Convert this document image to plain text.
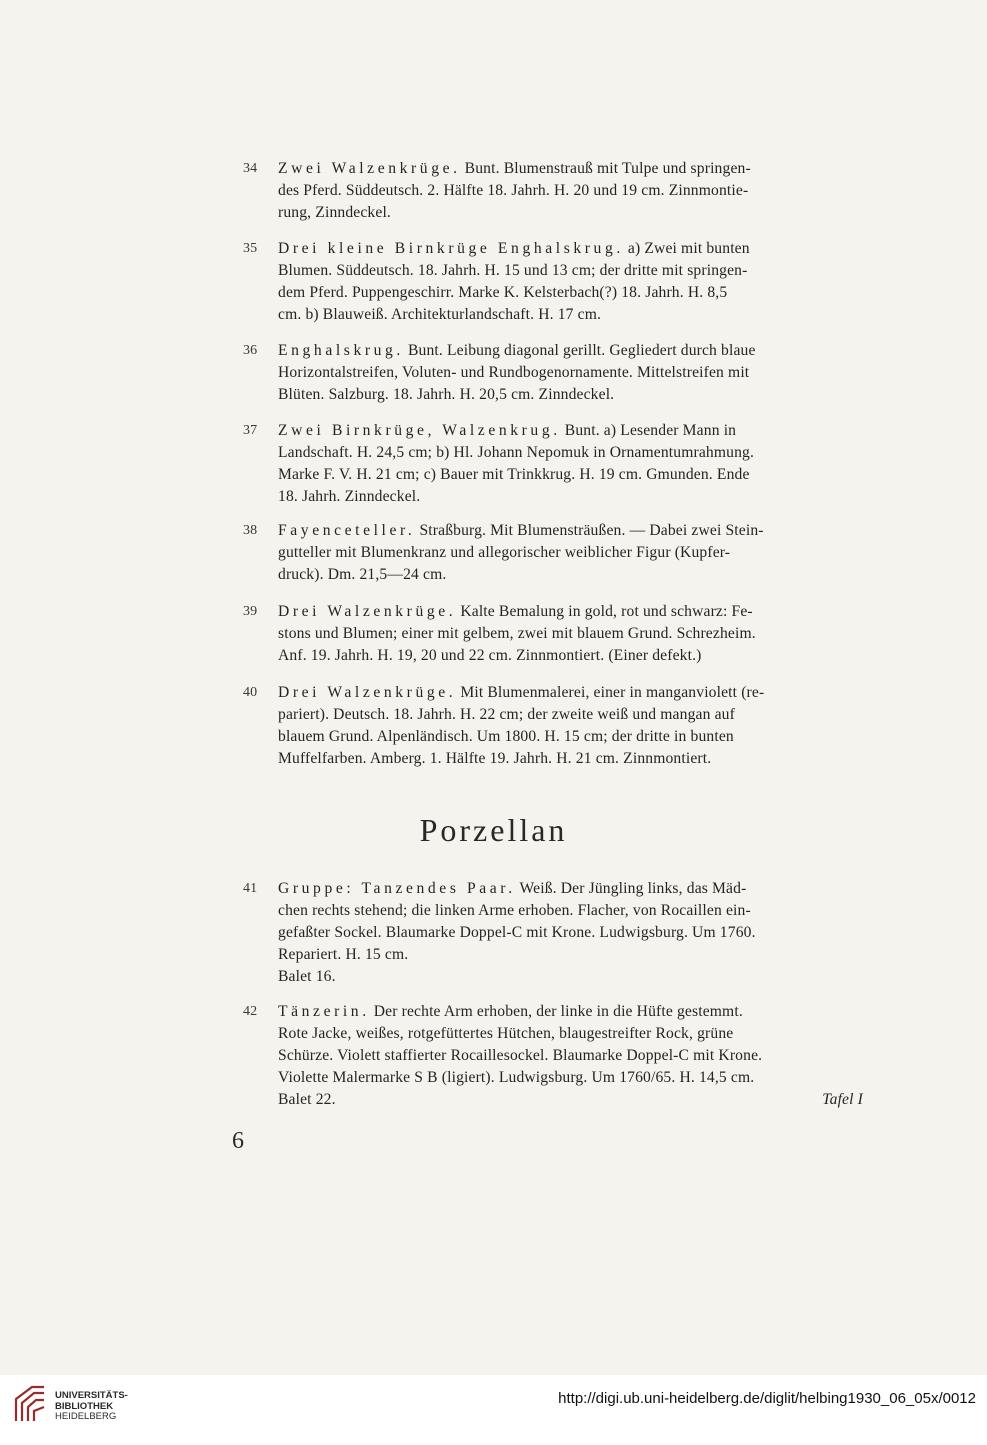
34	Zwei Walzenkrüge. Bunt. Blumenstrauß mit Tulpe und springen-
des Pferd. Süddeutsch. 2. Hälfte 18. Jahrh. H. 20 und 19 cm. Zinnmontie-
rung, Zinndeckel.
35	Drei kleine Birnkrüge Enghalskrug. a) Zwei mit bunten
Blumen. Süddeutsch. 18. Jahrh. H. 15 und 13 cm; der dritte mit springen-
dem Pferd. Puppengeschirr. Marke K. Kelsterbach(?) 18. Jahrh. H. 8,5
cm. b) Blauweiß. Architekturlandschaft. H. 17 cm.
36	Enghalskrug. Bunt. Leibung diagonal gerillt. Gegliedert durch blaue
Horizontalstreifen, Voluten- und Rundbogenornamente. Mittelstreifen mit
Blüten. Salzburg. 18. Jahrh. H. 20,5 cm. Zinndeckel.
37	Zwei Birnkrüge, Walzenkrug. Bunt. a) Lesender Mann in
Landschaft. H. 24,5 cm; b) Hl. Johann Nepomuk in Ornamentumrahmung.
Marke F. V. H. 21 cm; c) Bauer mit Trinkkrug. H. 19 cm. Gmunden. Ende
18. Jahrh. Zinndeckel.
38	Fayenceteller. Straßburg. Mit Blumensträußen. — Dabei zwei Stein-
gutteller mit Blumenkranz und allegorischer weiblicher Figur (Kupfer-
druck). Dm. 21,5—24 cm.
39	Drei Walzenkrüge. Kalte Bemalung in gold, rot und schwarz: Fe-
stons und Blumen; einer mit gelbem, zwei mit blauem Grund. Schrezheim.
Anf. 19. Jahrh. H. 19, 20 und 22 cm. Zinnmontiert. (Einer defekt.)
40	Drei Walzenkrüge. Mit Blumenmalerei, einer in manganviolett (re-
pariert). Deutsch. 18. Jahrh. H. 22 cm; der zweite weiß und mangan auf
blauem Grund. Alpenländisch. Um 1800. H. 15 cm; der dritte in bunten
Muffelfarben. Amberg. 1. Hälfte 19. Jahrh. H. 21 cm. Zinnmontiert.
Porzellan
41	Gruppe: Tanzendes Paar. Weiß. Der Jüngling links, das Mäd-
chen rechts stehend; die linken Arme erhoben. Flacher, von Rocaillen ein-
gefaßter Sockel. Blaumarke Doppel-C mit Krone. Ludwigsburg. Um 1760.
Repariert. H. 15 cm.
Balet 16.
42	Tänzerin. Der rechte Arm erhoben, der linke in die Hüfte gestemmt.
Rote Jacke, weißes, rotgefüttertes Hütchen, blaugestreifter Rock, grüne
Schürze. Violett staffierter Rocaillesockel. Blaumarke Doppel-C mit Krone.
Violette Malermarke S B (ligiert). Ludwigsburg. Um 1760/65. H. 14,5 cm.
Balet 22.	Tafel I
6
UNIVERSITÄTS-
BIBLIOTHEK
HEIDELBERG
http://digi.ub.uni-heidelberg.de/diglit/helbing1930_06_05x/0012
